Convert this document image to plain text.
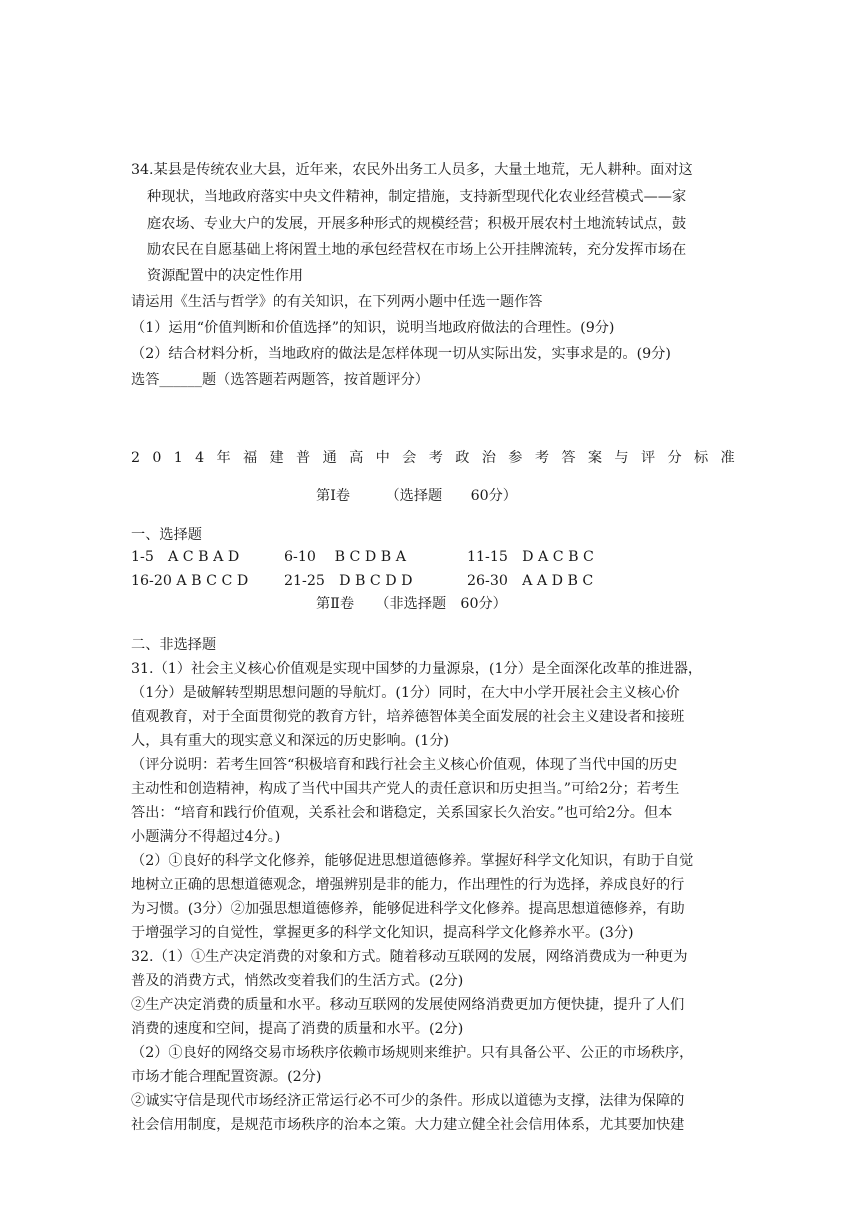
34.某县是传统农业大县，近年来，农民外出务工人员多，大量土地荒，无人耕种。面对这
种现状，当地政府落实中央文件精神，制定措施，支持新型现代化农业经营模式——家
庭农场、专业大户的发展，开展多种形式的规模经营；积极开展农村土地流转试点，鼓
励农民在自愿基础上将闲置土地的承包经营权在市场上公开挂牌流转，充分发挥市场在
资源配置中的决定性作用
请运用《生活与哲学》的有关知识，在下列两小题中任选一题作答
（1）运用“价值判断和价值选择”的知识，说明当地政府做法的合理性。(9分)
（2）结合材料分析，当地政府的做法是怎样体现一切从实际出发，实事求是的。(9分)
选答______题（选答题若两题答，按首题评分）
2 0 1 4 年 福 建 普 通 高 中 会 考 政 治 参 考 答 案 与 评 分 标 准
第Ⅰ卷　　　（选择题　　60分）
一、选择题
1-5　A C B A D	6-10　 B C D B A	11-15　D A C B C
16-20 A B C C D	21-25　D B C D D	26-30　A A D B C
第Ⅱ卷　　（非选择题　60分）
二、非选择题
31.（1）社会主义核心价值观是实现中国梦的力量源泉，(1分）是全面深化改革的推进器，
（1分）是破解转型期思想问题的导航灯。(1分）同时，在大中小学开展社会主义核心价
值观教育，对于全面贯彻党的教育方针，培养德智体美全面发展的社会主义建设者和接班
人，具有重大的现实意义和深远的历史影响。(1分)
（评分说明：若考生回答“积极培育和践行社会主义核心价值观，体现了当代中国的历史
主动性和创造精神，构成了当代中国共产党人的责任意识和历史担当。”可给2分；若考生
答出：“培育和践行价值观，关系社会和谐稳定，关系国家长久治安。”也可给2分。但本
小题满分不得超过4分。)
（2）①良好的科学文化修养，能够促进思想道德修养。掌握好科学文化知识，有助于自觉
地树立正确的思想道德观念，增强辨别是非的能力，作出理性的行为选择，养成良好的行
为习惯。(3分）②加强思想道德修养，能够促进科学文化修养。提高思想道德修养，有助
于增强学习的自觉性，掌握更多的科学文化知识，提高科学文化修养水平。(3分)
32.（1）①生产决定消费的对象和方式。随着移动互联网的发展，网络消费成为一种更为
普及的消费方式，悄然改变着我们的生活方式。(2分)
②生产决定消费的质量和水平。移动互联网的发展使网络消费更加方便快捷，提升了人们
消费的速度和空间，提高了消费的质量和水平。(2分)
（2）①良好的网络交易市场秩序依赖市场规则来维护。只有具备公平、公正的市场秩序，
市场才能合理配置资源。(2分)
②诚实守信是现代市场经济正常运行必不可少的条件。形成以道德为支撑，法律为保障的
社会信用制度，是规范市场秩序的治本之策。大力建立健全社会信用体系，尤其要加快建
